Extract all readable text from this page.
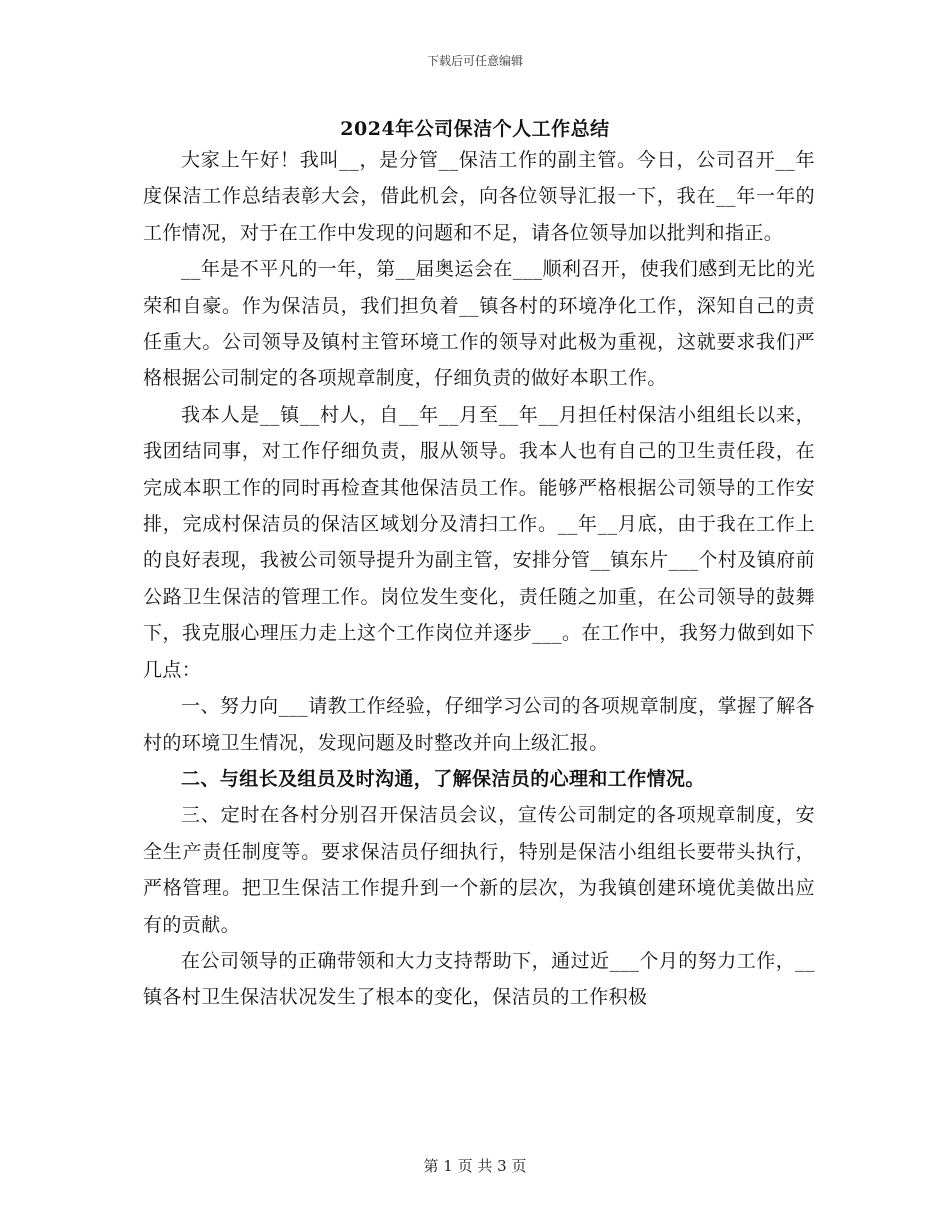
下载后可任意编辑
2024年公司保洁个人工作总结

大家上午好！我叫__，是分管__保洁工作的副主管。今日，公司召开__年度保洁工作总结表彰大会，借此机会，向各位领导汇报一下，我在__年一年的工作情况，对于在工作中发现的问题和不足，请各位领导加以批判和指正。

__年是不平凡的一年，第__届奥运会在___顺利召开，使我们感到无比的光荣和自豪。作为保洁员，我们担负着__镇各村的环境净化工作，深知自己的责任重大。公司领导及镇村主管环境工作的领导对此极为重视，这就要求我们严格根据公司制定的各项规章制度，仔细负责的做好本职工作。

我本人是__镇__村人，自__年__月至__年__月担任村保洁小组组长以来，我团结同事，对工作仔细负责，服从领导。我本人也有自己的卫生责任段，在完成本职工作的同时再检查其他保洁员工作。能够严格根据公司领导的工作安排，完成村保洁员的保洁区域划分及清扫工作。__年__月底，由于我在工作上的良好表现，我被公司领导提升为副主管，安排分管__镇东片___个村及镇府前公路卫生保洁的管理工作。岗位发生变化，责任随之加重，在公司领导的鼓舞下，我克服心理压力走上这个工作岗位并逐步___。在工作中，我努力做到如下几点：

一、努力向___请教工作经验，仔细学习公司的各项规章制度，掌握了解各村的环境卫生情况，发现问题及时整改并向上级汇报。

二、与组长及组员及时沟通，了解保洁员的心理和工作情况。

三、定时在各村分别召开保洁员会议，宣传公司制定的各项规章制度，安全生产责任制度等。要求保洁员仔细执行，特别是保洁小组组长要带头执行，严格管理。把卫生保洁工作提升到一个新的层次，为我镇创建环境优美做出应有的贡献。

在公司领导的正确带领和大力支持帮助下，通过近___个月的努力工作，__镇各村卫生保洁状况发生了根本的变化，保洁员的工作积极

第 1 页 共 3 页
